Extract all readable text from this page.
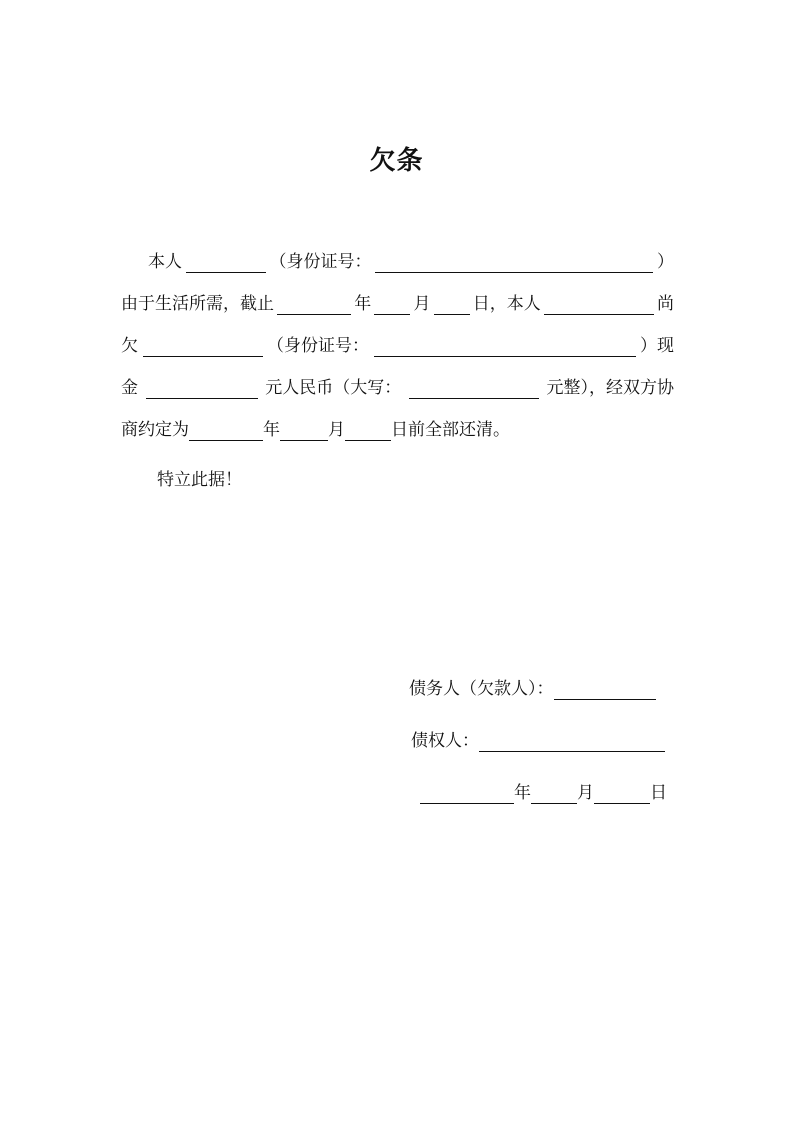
欠条
本人	（身份证号：	）
由于生活所需，截止	年 月 日，本人	尚
欠	（身份证号：	）现
金	元人民币（大写：	元整），经双方协
商约定为	年	月	日前全部还清。
特立此据！
债务人（欠款人）：
债权人：
年	月	日
